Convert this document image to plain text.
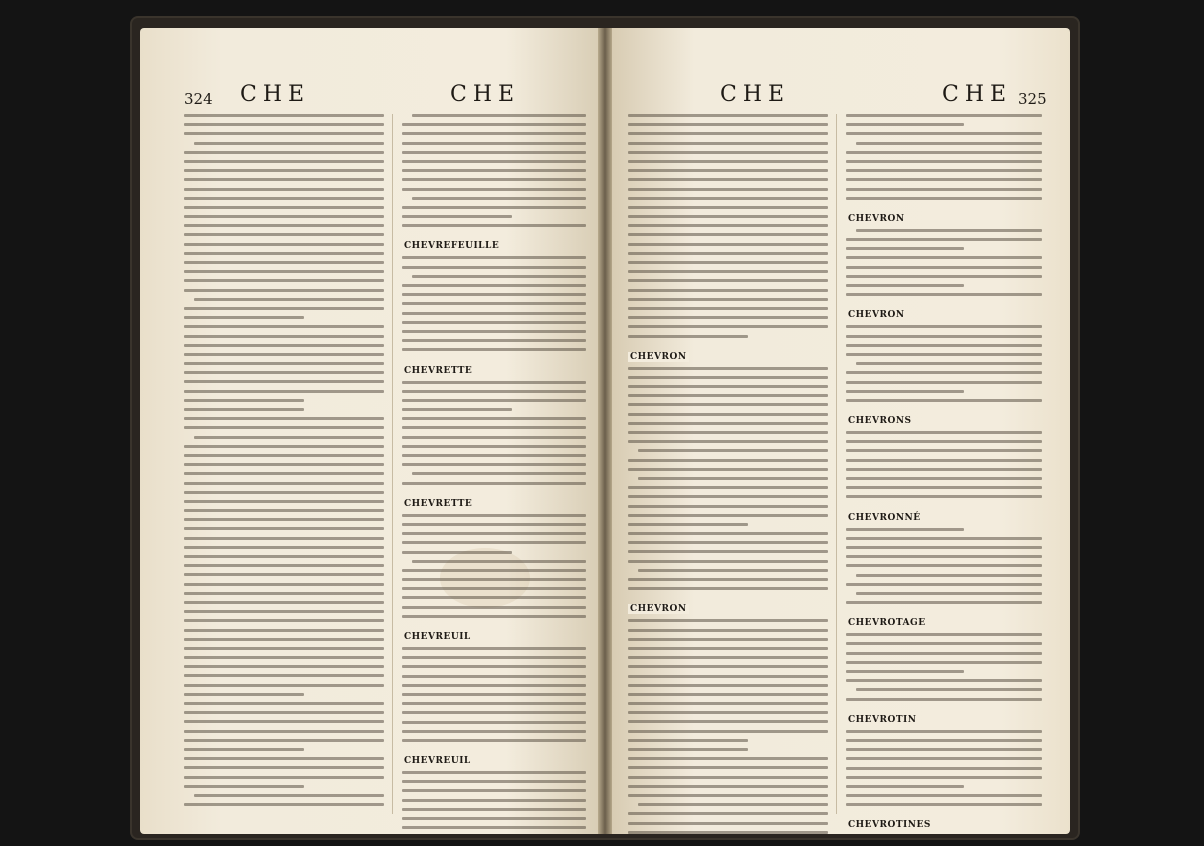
324 CHE	CHE
CHEVREFEUILLE
CHEVRETTE
CHEVRETTE
CHEVREUIL
CHEVREUIL
CHE	CHE 325
CHEVRON
CHEVRON
CHEVRON
CHEVRON
CHEVRONS
CHEVRONNÉ
CHEVROTAGE
CHEVROTIN
CHEVROTINES
